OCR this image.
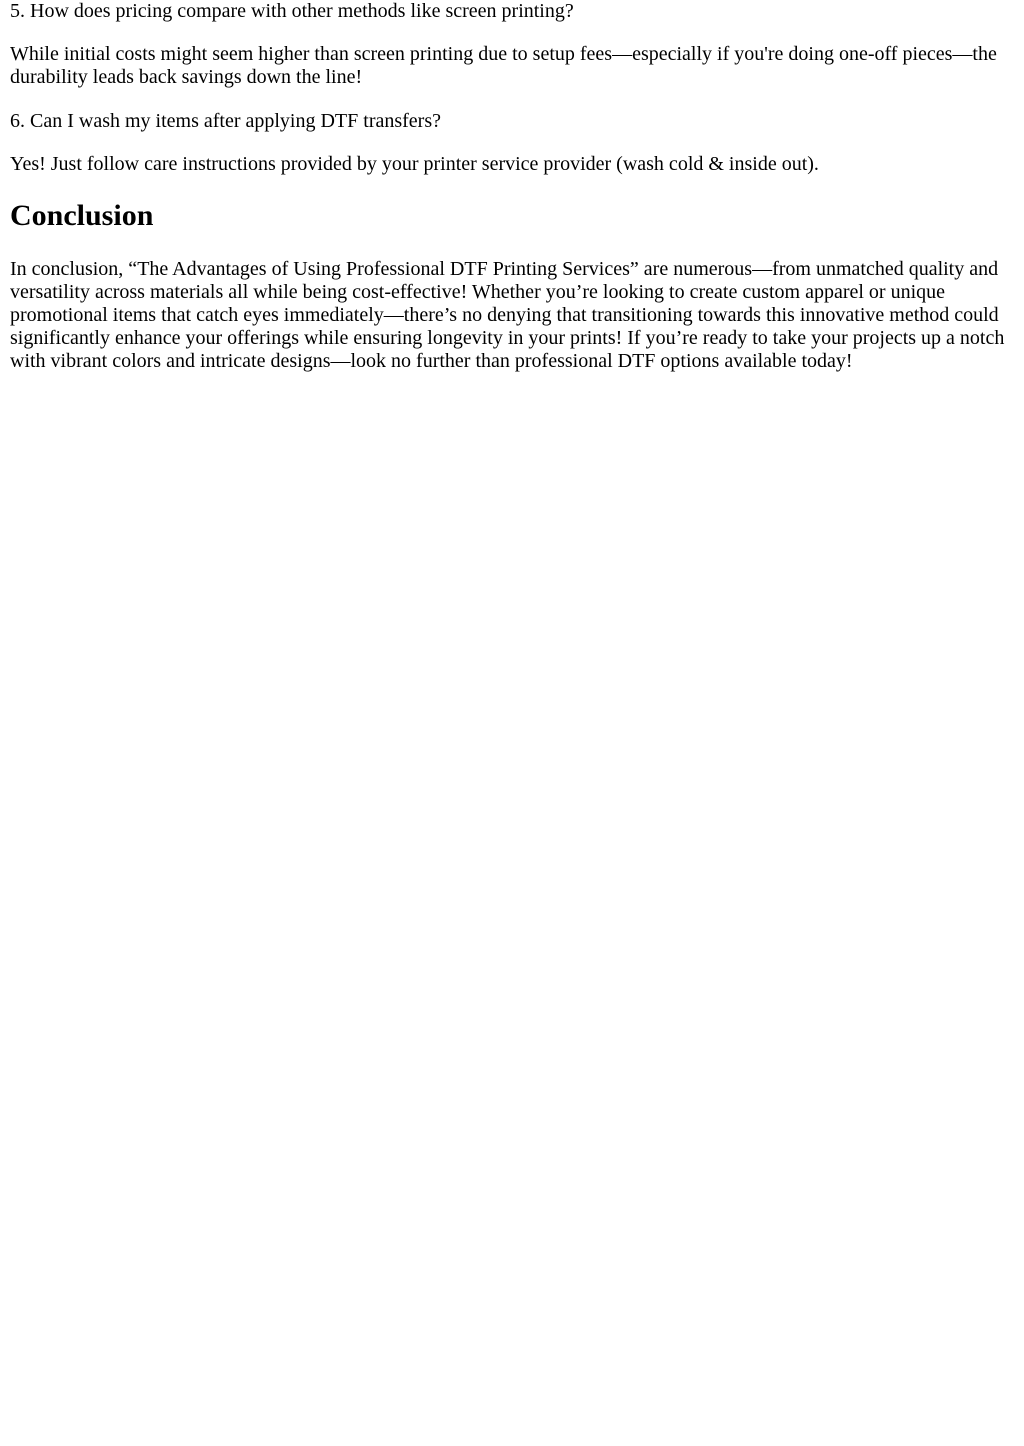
5. How does pricing compare with other methods like screen printing?

While initial costs might seem higher than screen printing due to setup fees—especially if you're doing one-off pieces—the durability leads back savings down the line!

6. Can I wash my items after applying DTF transfers?

Yes! Just follow care instructions provided by your printer service provider (wash cold & inside out).

Conclusion

In conclusion, “The Advantages of Using Professional DTF Printing Services” are numerous—from unmatched quality and versatility across materials all while being cost-effective! Whether you’re looking to create custom apparel or unique promotional items that catch eyes immediately—there’s no denying that transitioning towards this innovative method could significantly enhance your offerings while ensuring longevity in your prints! If you’re ready to take your projects up a notch with vibrant colors and intricate designs—look no further than professional DTF options available today!
